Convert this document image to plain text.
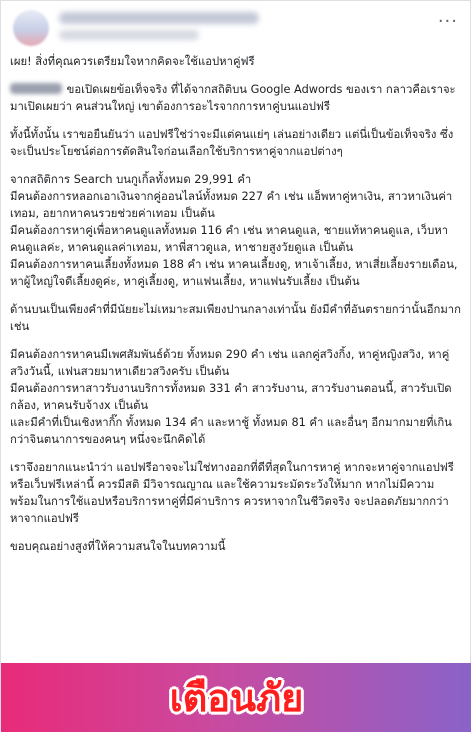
···

เผย! สิ่งที่คุณควรเตรียมใจหากคิดจะใช้แอปหาคู่ฟรี

ขอเปิดเผยข้อเท็จจริง ที่ได้จากสถิติบน Google Adwords ของเรา กลาวคือเราจะมาเปิดเผยว่า คนส่วนใหญ่ เขาต้องการอะไรจากการหาคู่บนแอปฟรี

ทั้งนี้ทั้งนั้น เราขอยืนยันว่า แอปฟรีใช่ว่าจะมีแต่คนแย่ๆ เล่นอย่างเดียว แต่นี่เป็นข้อเท็จจริง ซึ่งจะเป็นประโยชน์ต่อการตัดสินใจก่อนเลือกใช้บริการหาคู่จากแอปต่างๆ

จากสถิติการ Search บนกูเกิ้ลทั้งหมด 29,991 คำ
มีคนต้องการหลอกเอาเงินจากคู่ออนไลน์ทั้งหมด 227 คำ เช่น แอ็พหาคู่หาเงิน, สาวหาเงินค่าเทอม, อยากหาคนรวยช่วยค่าเทอม เป็นต้น
มีคนต้องการหาคู่เพื่อหาคนดูแลทั้งหมด 116 คำ เช่น หาคนดูแล, ชายแท้หาคนดูแล, เว็บหาคนดูแลค่ะ, หาคนดูแลค่าเทอม, หาพี่สาวดูแล, หาชายสูงวัยดูแล เป็นต้น
มีคนต้องการหาคนเลี้ยงทั้งหมด 188 คำ เช่น หาคนเลี้ยงดู, หาเจ้าเลี้ยง, หาเสี่ยเลี้ยงรายเดือน, หาผู้ใหญ่ใจดีเลี้ยงดูค่ะ, หาคู่เลี้ยงดู, หาแฟนเลี้ยง, หาแฟนรับเลี้ยง เป็นต้น

ด้านบนเป็นเพียงคำที่มีนัยยะไม่เหมาะสมเพียงปานกลางเท่านั้น ยังมีคำที่อันตรายกว่านั้นอีกมาก เช่น

มีคนต้องการหาคนมีเพศสัมพันธ์ด้วย ทั้งหมด 290 คำ เช่น แลกคู่สวิงกิ้ง, หาคู่หญิงสวิง, หาคู่สวิงวันนี้, แฟนสวยมาหาเดียวสวิงครับ เป็นต้น
มีคนต้องการหาสาวรับงานบริการทั้งหมด 331 คำ สาวรับงาน, สาวรับงานตอนนี้, สาวรับเปิดกล้อง, หาคนรับจ้างx เป็นต้น
และมีคำที่เป็นเชิงหากิ๊ก ทั้งหมด 134 คำ และหาชู้ ทั้งหมด 81 คำ และอื่นๆ อีกมากมายที่เกินกว่าจินตนาการของคนๆ หนึ่งจะนึกคิดได้

เราจึงอยากแนะนำว่า แอปฟรีอาจจะไม่ใช่ทางออกที่ดีที่สุดในการหาคู่ หากจะหาคู่จากแอปฟรี หรือเว็บฟรีเหล่านี้ ควรมีสติ มีวิจารณญาณ และใช้ความระมัดระวังให้มาก หากไม่มีความพร้อมในการใช้แอปหรือบริการหาคู่ที่มีค่าบริการ ควรหาจากในชีวิตจริง จะปลอดภัยมากกว่าหาจากแอปฟรี

ขอบคุณอย่างสูงที่ให้ความสนใจในบทความนี้

เตือนภัย
